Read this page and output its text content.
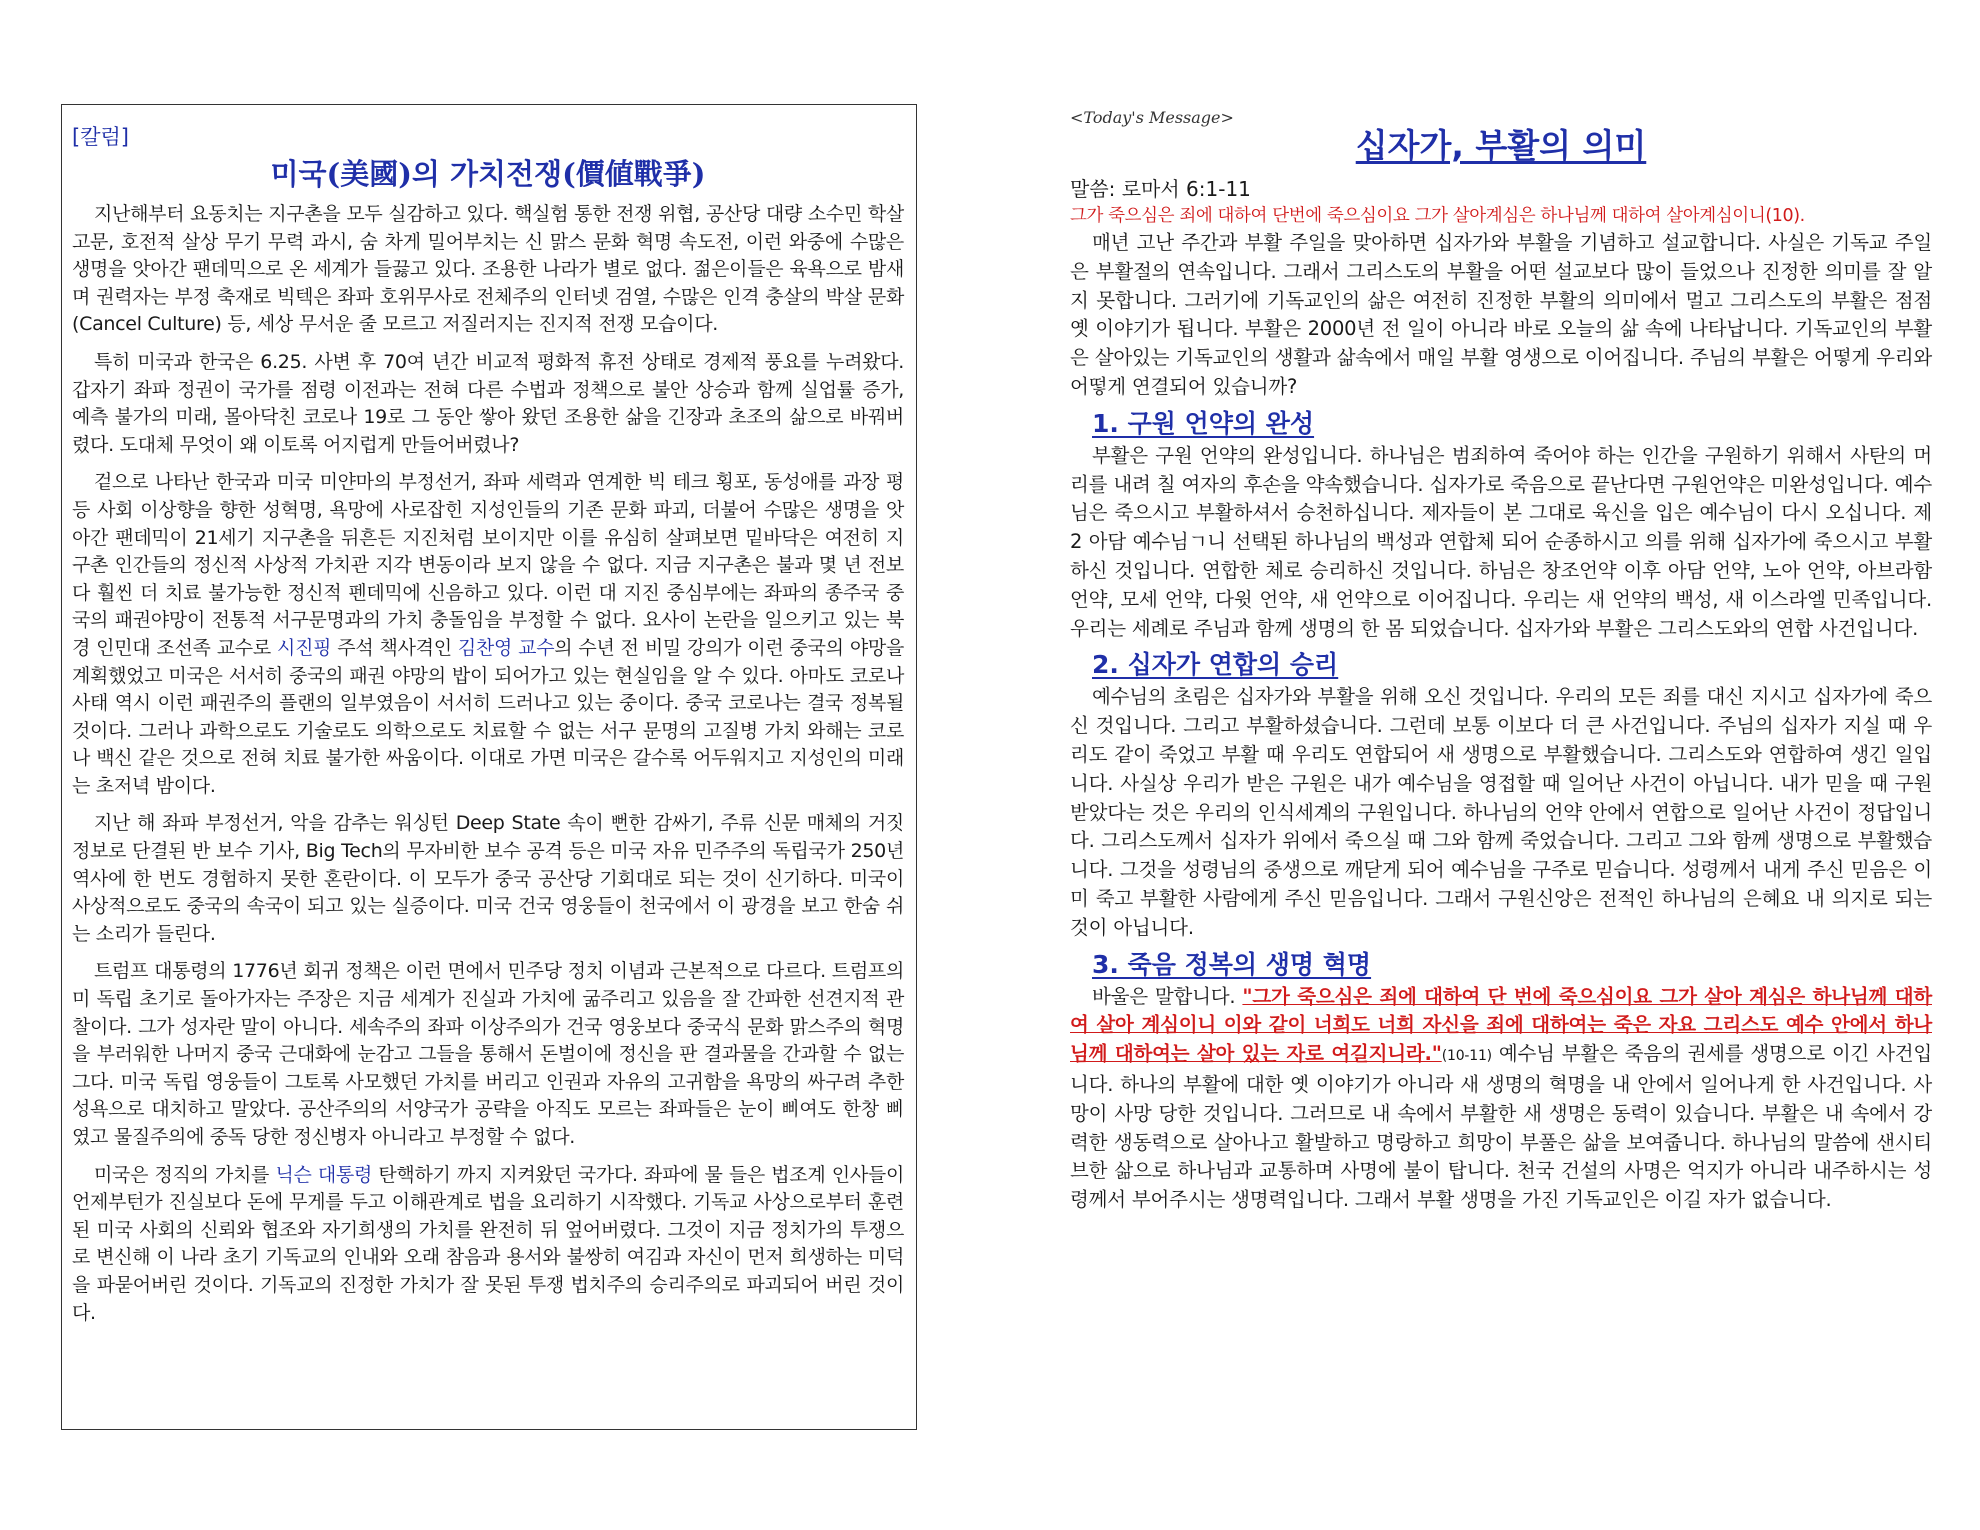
[칼럼]
미국(美國)의 가치전쟁(價値戰爭)

지난해부터 요동치는 지구촌을 모두 실감하고 있다. 핵실험 통한 전쟁 위협, 공산당 대량 소수민 학살 고문, 호전적 살상 무기 무력 과시, 숨 차게 밀어부치는 신 맑스 문화 혁명 속도전, 이런 와중에 수많은 생명을 앗아간 팬데믹으로 온 세계가 들끓고 있다. 조용한 나라가 별로 없다. 젊은이들은 육욕으로 밤새며 권력자는 부정 축재로 빅텍은 좌파 호위무사로 전체주의 인터넷 검열, 수많은 인격 충살의 박살 문화(Cancel Culture) 등, 세상 무서운 줄 모르고 저질러지는 진지적 전쟁 모습이다.

특히 미국과 한국은 6.25. 사변 후 70여 년간 비교적 평화적 휴전 상태로 경제적 풍요를 누려왔다. 갑자기 좌파 정권이 국가를 점령 이전과는 전혀 다른 수법과 정책으로 불안 상승과 함께 실업률 증가, 예측 불가의 미래, 몰아닥친 코로나 19로 그 동안 쌓아 왔던 조용한 삶을 긴장과 초조의 삶으로 바꿔버렸다. 도대체 무엇이 왜 이토록 어지럽게 만들어버렸나?

겉으로 나타난 한국과 미국 미얀마의 부정선거, 좌파 세력과 연계한 빅 테크 횡포, 동성애를 과장 평등 사회 이상향을 향한 성혁명, 욕망에 사로잡힌 지성인들의 기존 문화 파괴, 더불어 수많은 생명을 앗아간 팬데믹이 21세기 지구촌을 뒤흔든 지진처럼 보이지만 이를 유심히 살펴보면 밑바닥은 여전히 지구촌 인간들의 정신적 사상적 가치관 지각 변동이라 보지 않을 수 없다. 지금 지구촌은 불과 몇 년 전보다 훨씬 더 치료 불가능한 정신적 펜데믹에 신음하고 있다. 이런 대 지진 중심부에는 좌파의 종주국 중국의 패권야망이 전통적 서구문명과의 가치 충돌임을 부정할 수 없다. 요사이 논란을 일으키고 있는 북경 인민대 조선족 교수로 시진핑 주석 책사격인 김찬영 교수의 수년 전 비밀 강의가 이런 중국의 야망을 계획했었고 미국은 서서히 중국의 패권 야망의 밥이 되어가고 있는 현실임을 알 수 있다. 아마도 코로나 사태 역시 이런 패권주의 플랜의 일부였음이 서서히 드러나고 있는 중이다. 중국 코로나는 결국 정복될 것이다. 그러나 과학으로도 기술로도 의학으로도 치료할 수 없는 서구 문명의 고질병 가치 와해는 코로나 백신 같은 것으로 전혀 치료 불가한 싸움이다. 이대로 가면 미국은 갈수록 어두워지고 지성인의 미래는 초저녁 밤이다.

지난 해 좌파 부정선거, 악을 감추는 워싱턴 Deep State 속이 뻔한 감싸기, 주류 신문 매체의 거짓 정보로 단결된 반 보수 기사, Big Tech의 무자비한 보수 공격 등은 미국 자유 민주주의 독립국가 250년 역사에 한 번도 경험하지 못한 혼란이다. 이 모두가 중국 공산당 기회대로 되는 것이 신기하다. 미국이 사상적으로도 중국의 속국이 되고 있는 실증이다. 미국 건국 영웅들이 천국에서 이 광경을 보고 한숨 쉬는 소리가 들린다.

트럼프 대통령의 1776년 회귀 정책은 이런 면에서 민주당 정치 이념과 근본적으로 다르다. 트럼프의 미 독립 초기로 돌아가자는 주장은 지금 세계가 진실과 가치에 굶주리고 있음을 잘 간파한 선견지적 관찰이다. 그가 성자란 말이 아니다. 세속주의 좌파 이상주의가 건국 영웅보다 중국식 문화 맑스주의 혁명을 부러워한 나머지 중국 근대화에 눈감고 그들을 통해서 돈벌이에 정신을 판 결과물을 간과할 수 없는 그다. 미국 독립 영웅들이 그토록 사모했던 가치를 버리고 인권과 자유의 고귀함을 욕망의 싸구려 추한 성욕으로 대치하고 말았다. 공산주의의 서양국가 공략을 아직도 모르는 좌파들은 눈이 삐여도 한창 삐였고 물질주의에 중독 당한 정신병자 아니라고 부정할 수 없다.

미국은 정직의 가치를 닉슨 대통령 탄핵하기 까지 지켜왔던 국가다. 좌파에 물 들은 법조계 인사들이 언제부턴가 진실보다 돈에 무게를 두고 이해관계로 법을 요리하기 시작했다. 기독교 사상으로부터 훈련된 미국 사회의 신뢰와 협조와 자기희생의 가치를 완전히 뒤 엎어버렸다. 그것이 지금 정치가의 투쟁으로 변신해 이 나라 초기 기독교의 인내와 오래 참음과 용서와 불쌍히 여김과 자신이 먼저 희생하는 미덕을 파묻어버린 것이다. 기독교의 진정한 가치가 잘 못된 투쟁 법치주의 승리주의로 파괴되어 버린 것이다.

<Today's Message>
십자가, 부활의 의미
말씀: 로마서 6:1-11
그가 죽으심은 죄에 대하여 단번에 죽으심이요 그가 살아계심은 하나님께 대하여 살아계심이니(10).

매년 고난 주간과 부활 주일을 맞아하면 십자가와 부활을 기념하고 설교합니다. 사실은 기독교 주일은 부활절의 연속입니다. 그래서 그리스도의 부활을 어떤 설교보다 많이 들었으나 진정한 의미를 잘 알지 못합니다. 그러기에 기독교인의 삶은 여전히 진정한 부활의 의미에서 멀고 그리스도의 부활은 점점 옛 이야기가 됩니다. 부활은 2000년 전 일이 아니라 바로 오늘의 삶 속에 나타납니다. 기독교인의 부활은 살아있는 기독교인의 생활과 삶속에서 매일 부활 영생으로 이어집니다. 주님의 부활은 어떻게 우리와 어떻게 연결되어 있습니까?

1. 구원 언약의 완성

부활은 구원 언약의 완성입니다. 하나님은 범죄하여 죽어야 하는 인간을 구원하기 위해서 사탄의 머리를 내려 칠 여자의 후손을 약속했습니다. 십자가로 죽음으로 끝난다면 구원언약은 미완성입니다. 예수님은 죽으시고 부활하셔서 승천하십니다. 제자들이 본 그대로 육신을 입은 예수님이 다시 오십니다. 제 2 아담 예수님ㄱ니 선택된 하나님의 백성과 연합체 되어 순종하시고 의를 위해 십자가에 죽으시고 부활하신 것입니다. 연합한 체로 승리하신 것입니다. 하님은 창조언약 이후 아담 언약, 노아 언약, 아브라함 언약, 모세 언약, 다윗 언약, 새 언약으로 이어집니다. 우리는 새 언약의 백성, 새 이스라엘 민족입니다. 우리는 세례로 주님과 함께 생명의 한 몸 되었습니다. 십자가와 부활은 그리스도와의 연합 사건입니다.

2. 십자가 연합의 승리

예수님의 초림은 십자가와 부활을 위해 오신 것입니다. 우리의 모든 죄를 대신 지시고 십자가에 죽으신 것입니다. 그리고 부활하셨습니다. 그런데 보통 이보다 더 큰 사건입니다. 주님의 십자가 지실 때 우리도 같이 죽었고 부활 때 우리도 연합되어 새 생명으로 부활했습니다. 그리스도와 연합하여 생긴 일입니다. 사실상 우리가 받은 구원은 내가 예수님을 영접할 때 일어난 사건이 아닙니다. 내가 믿을 때 구원받았다는 것은 우리의 인식세계의 구원입니다. 하나님의 언약 안에서 연합으로 일어난 사건이 정답입니다. 그리스도께서 십자가 위에서 죽으실 때 그와 함께 죽었습니다. 그리고 그와 함께 생명으로 부활했습니다. 그것을 성령님의 중생으로 깨닫게 되어 예수님을 구주로 믿습니다. 성령께서 내게 주신 믿음은 이미 죽고 부활한 사람에게 주신 믿음입니다. 그래서 구원신앙은 전적인 하나님의 은혜요 내 의지로 되는 것이 아닙니다.

3. 죽음 정복의 생명 혁명

바울은 말합니다. "그가 죽으심은 죄에 대하여 단 번에 죽으심이요 그가 살아 계심은 하나님께 대하여 살아 계심이니 이와 같이 너희도 너희 자신을 죄에 대하여는 죽은 자요 그리스도 예수 안에서 하나님께 대하여는 살아 있는 자로 여길지니라."(10-11) 예수님 부활은 죽음의 권세를 생명으로 이긴 사건입니다. 하나의 부활에 대한 옛 이야기가 아니라 새 생명의 혁명을 내 안에서 일어나게 한 사건입니다. 사망이 사망 당한 것입니다. 그러므로 내 속에서 부활한 새 생명은 동력이 있습니다. 부활은 내 속에서 강력한 생동력으로 살아나고 활발하고 명랑하고 희망이 부풀은 삶을 보여줍니다. 하나님의 말씀에 샌시티브한 삶으로 하나님과 교통하며 사명에 불이 탑니다. 천국 건설의 사명은 억지가 아니라 내주하시는 성령께서 부어주시는 생명력입니다. 그래서 부활 생명을 가진 기독교인은 이길 자가 없습니다.
